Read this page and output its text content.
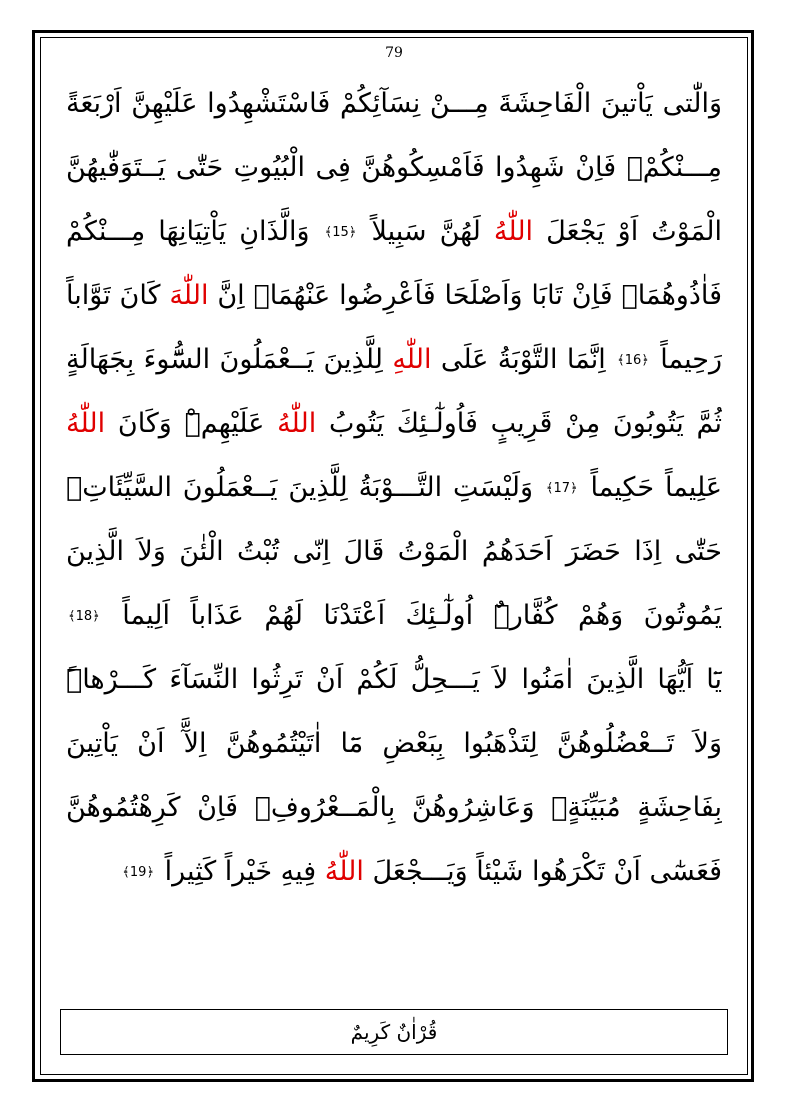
79
وَالّٰتى يَاْتينَ الْفَاحِشَةَ مِـــنْ نِسَآئِكُمْ فَاسْتَشْهِدُوا عَلَيْهِنَّ اَرْبَعَةً
مِـــنْكُمْۚ فَاِنْ شَهِدُوا فَاَمْسِكُوهُنَّ فِى الْبُيُوتِ حَتّٰى يَــتَوَفّٰيهُنَّ
الْمَوْتُ اَوْ يَجْعَلَ اللّٰهُ لَهُنَّ سَبِيلاً ﴿15﴾ وَالَّذَانِ يَاْتِيَانِهَا مِـــنْكُمْ
فَاٰذُوهُمَاۚ فَاِنْ تَابَا وَاَصْلَحَا فَاَعْرِضُوا عَنْهُمَاۜ اِنَّ اللّٰهَ كَانَ تَوَّاباً
رَحِيماً ﴿16﴾ اِنَّمَا التَّوْبَةُ عَلَى اللّٰهِ لِلَّذِينَ يَــعْمَلُونَ السُّٓوءَ بِجَهَالَةٍ
ثُمَّ يَتُوبُونَ مِنْ قَرِيبٍ فَاُولٰٓـئِكَ يَتُوبُ اللّٰهُ عَلَيْهِمْۜ وَكَانَ اللّٰهُ
عَلِيماً حَكِيماً ﴿17﴾ وَلَيْسَتِ التَّـــوْبَةُ لِلَّذِينَ يَــعْمَلُونَ السَّيِّئَاتِۚ
حَتّٰى اِذَا حَضَرَ اَحَدَهُمُ الْمَوْتُ قَالَ اِنّى تُبْتُ الْئٰنَ وَلاَ الَّذِينَ
يَمُوتُونَ وَهُمْ كُفَّارٌۜ اُولٰٓـئِكَ اَعْتَدْنَا لَهُمْ عَذَاباً اَلِيماً ﴿18﴾
يَٓا اَيُّهَا الَّذِينَ اٰمَنُوا لاَ يَـــحِلُّ لَكُمْ اَنْ تَرِثُوا النِّسَآءَ كَـــرْهاًۜ
وَلاَ تَــعْضُلُوهُنَّ لِتَذْهَبُوا بِبَعْضِ مَٓا اٰتَيْتُمُوهُنَّ اِلآَّ اَنْ يَاْتِينَ
بِفَاحِشَةٍ مُبَيِّنَةٍۚ وَعَاشِرُوهُنَّ بِالْمَــعْرُوفِۚ فَاِنْ كَرِهْتُمُوهُنَّ
فَعَسٰٓى اَنْ تَكْرَهُوا شَيْئاً وَيَـــجْعَلَ اللّٰهُ فِيهِ خَيْراً كَثِيراً ﴿19﴾
قُرْاٰنٌ كَرِيمٌ
